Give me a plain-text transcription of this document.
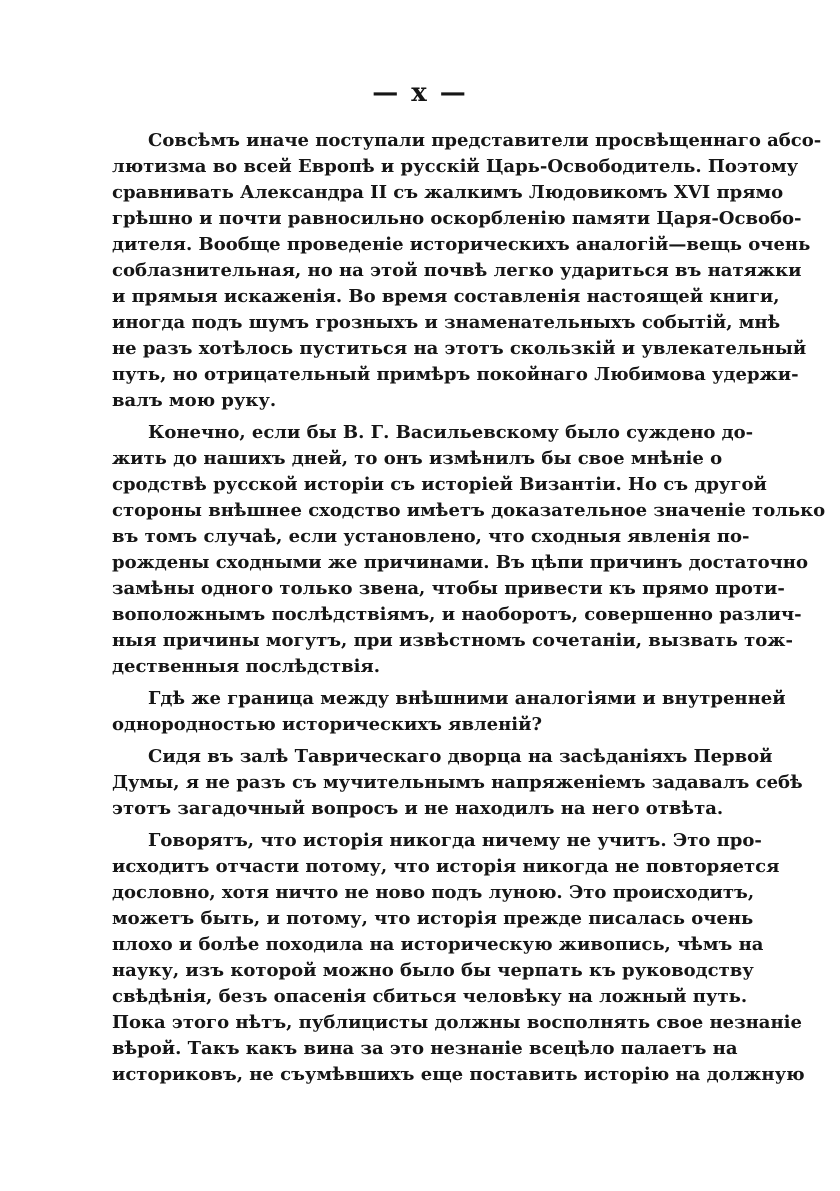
— x —
Совсѣмъ иначе поступали представители просвѣщеннаго абсо-
лютизма во всей Европѣ и русскій Царь-Освободитель. Поэтому
сравнивать Александра II съ жалкимъ Людовикомъ XVI прямо
грѣшно и почти равносильно оскорбленію памяти Царя-Освобо-
дителя. Вообще проведеніе историческихъ аналогій—вещь очень
соблазнительная, но на этой почвѣ легко удариться въ натяжки
и прямыя искаженія. Во время составленія настоящей книги,
иногда подъ шумъ грозныхъ и знаменательныхъ событій, мнѣ
не разъ хотѣлось пуститься на этотъ скользкій и увлекательный
путь, но отрицательный примѣръ покойнаго Любимова удержи-
валъ мою руку.
Конечно, если бы В. Г. Васильевскому было суждено до-
жить до нашихъ дней, то онъ измѣнилъ бы свое мнѣніе о
сродствѣ русской исторіи съ исторіей Византіи. Но съ другой
стороны внѣшнее сходство имѣетъ доказательное значеніе только
въ томъ случаѣ, если установлено, что сходныя явленія по-
рождены сходными же причинами. Въ цѣпи причинъ достаточно
замѣны одного только звена, чтобы привести къ прямо проти-
воположнымъ послѣдствіямъ, и наоборотъ, совершенно различ-
ныя причины могутъ, при извѣстномъ сочетаніи, вызвать тож-
дественныя послѣдствія.
Гдѣ же граница между внѣшними аналогіями и внутренней
однородностью историческихъ явленій?
Сидя въ залѣ Таврическаго дворца на засѣданіяхъ Первой
Думы, я не разъ съ мучительнымъ напряженіемъ задавалъ себѣ
этотъ загадочный вопросъ и не находилъ на него отвѣта.
Говорятъ, что исторія никогда ничему не учитъ. Это про-
исходитъ отчасти потому, что исторія никогда не повторяется
дословно, хотя ничто не ново подъ луною. Это происходитъ,
можетъ быть, и потому, что исторія прежде писалась очень
плохо и болѣе походила на историческую живопись, чѣмъ на
науку, изъ которой можно было бы черпать къ руководству
свѣдѣнія, безъ опасенія сбиться человѣку на ложный путь.
Пока этого нѣтъ, публицисты должны восполнять свое незнаніе
вѣрой. Такъ какъ вина за это незнаніе всецѣло палаетъ на
историковъ, не съумѣвшихъ еще поставить исторію на должную
